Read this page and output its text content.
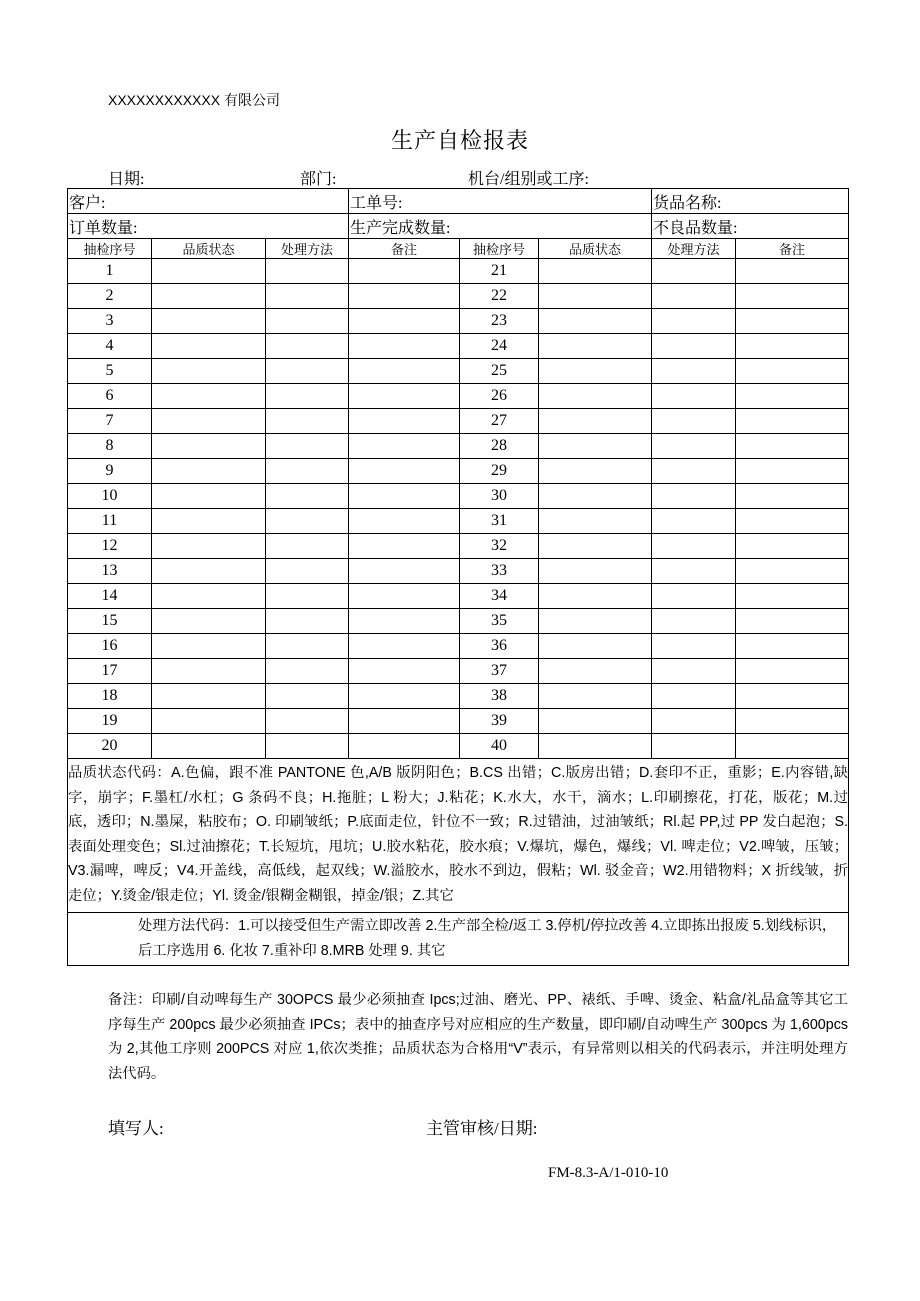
XXXXXXXXXXXX 有限公司
生产自检报表
日期:	部门:	机台/组别或工序:
客户:			工单号:			货品名称:	
订单数量:			生产完成数量:			不良品数量:	
抽检序号	品质状态	处理方法	备注	抽检序号	品质状态	处理方法	备注
1				21			
2				22			
3				23			
4				24			
5				25			
6				26			
7				27			
8				28			
9				29			
10				30			
11				31			
12				32			
13				33			
14				34			
15				35			
16				36			
17				37			
18				38			
19				39			
20				40			
品质状态代码：A.色偏，跟不准 PANTONE 色,A/B 版阴阳色；B.CS 出错；C.版房出错；D.套印不正，重影；E.内容错,缺字，崩字；F.墨杠/水杠；G 条码不良；H.拖脏；L 粉大；J.粘花；K.水大，水干，滴水；L.印刷擦花，打花，版花；M.过底，透印；N.墨屎，粘胶布；O. 印刷皱纸；P.底面走位，针位不一致；R.过错油，过油皱纸；Rl.起 PP,过 PP 发白起泡；S.表面处理变色；Sl.过油擦花；T.长短坑，甩坑；U.胶水粘花，胶水痕；V.爆坑，爆色，爆线；Vl. 啤走位；V2.啤皱，压皱；V3.漏啤，啤反；V4.开盖线，高低线，起双线；W.溢胶水，胶水不到边，假粘；Wl. 驳金音；W2.用错物料；X 折线皱，折走位；Y.烫金/银走位；Yl. 烫金/银糊金糊银，掉金/银；Z.其它							

处理方法代码：1.可以接受但生产需立即改善 2.生产部全检/返工 3.停机/停拉改善 4.立即拣出报废 5.划线标识，后工序选用 6. 化妆 7.重补印 8.MRB 处理 9. 其它							
备注：印刷/自动啤每生产 30OPCS 最少必须抽查 Ipcs;过油、磨光、PP、裱纸、手啤、烫金、粘盒/礼品盒等其它工序每生产 200pcs 最少必须抽查 IPCs；表中的抽查序号对应相应的生产数量，即印刷/自动啤生产 300pcs 为 1,600pcs 为 2,其他工序则 200PCS 对应 1,依次类推；品质状态为合格用“V”表示，有异常则以相关的代码表示，并注明处理方法代码。
填写人:	主管审核/日期:
FM-8.3-A/1-010-10
